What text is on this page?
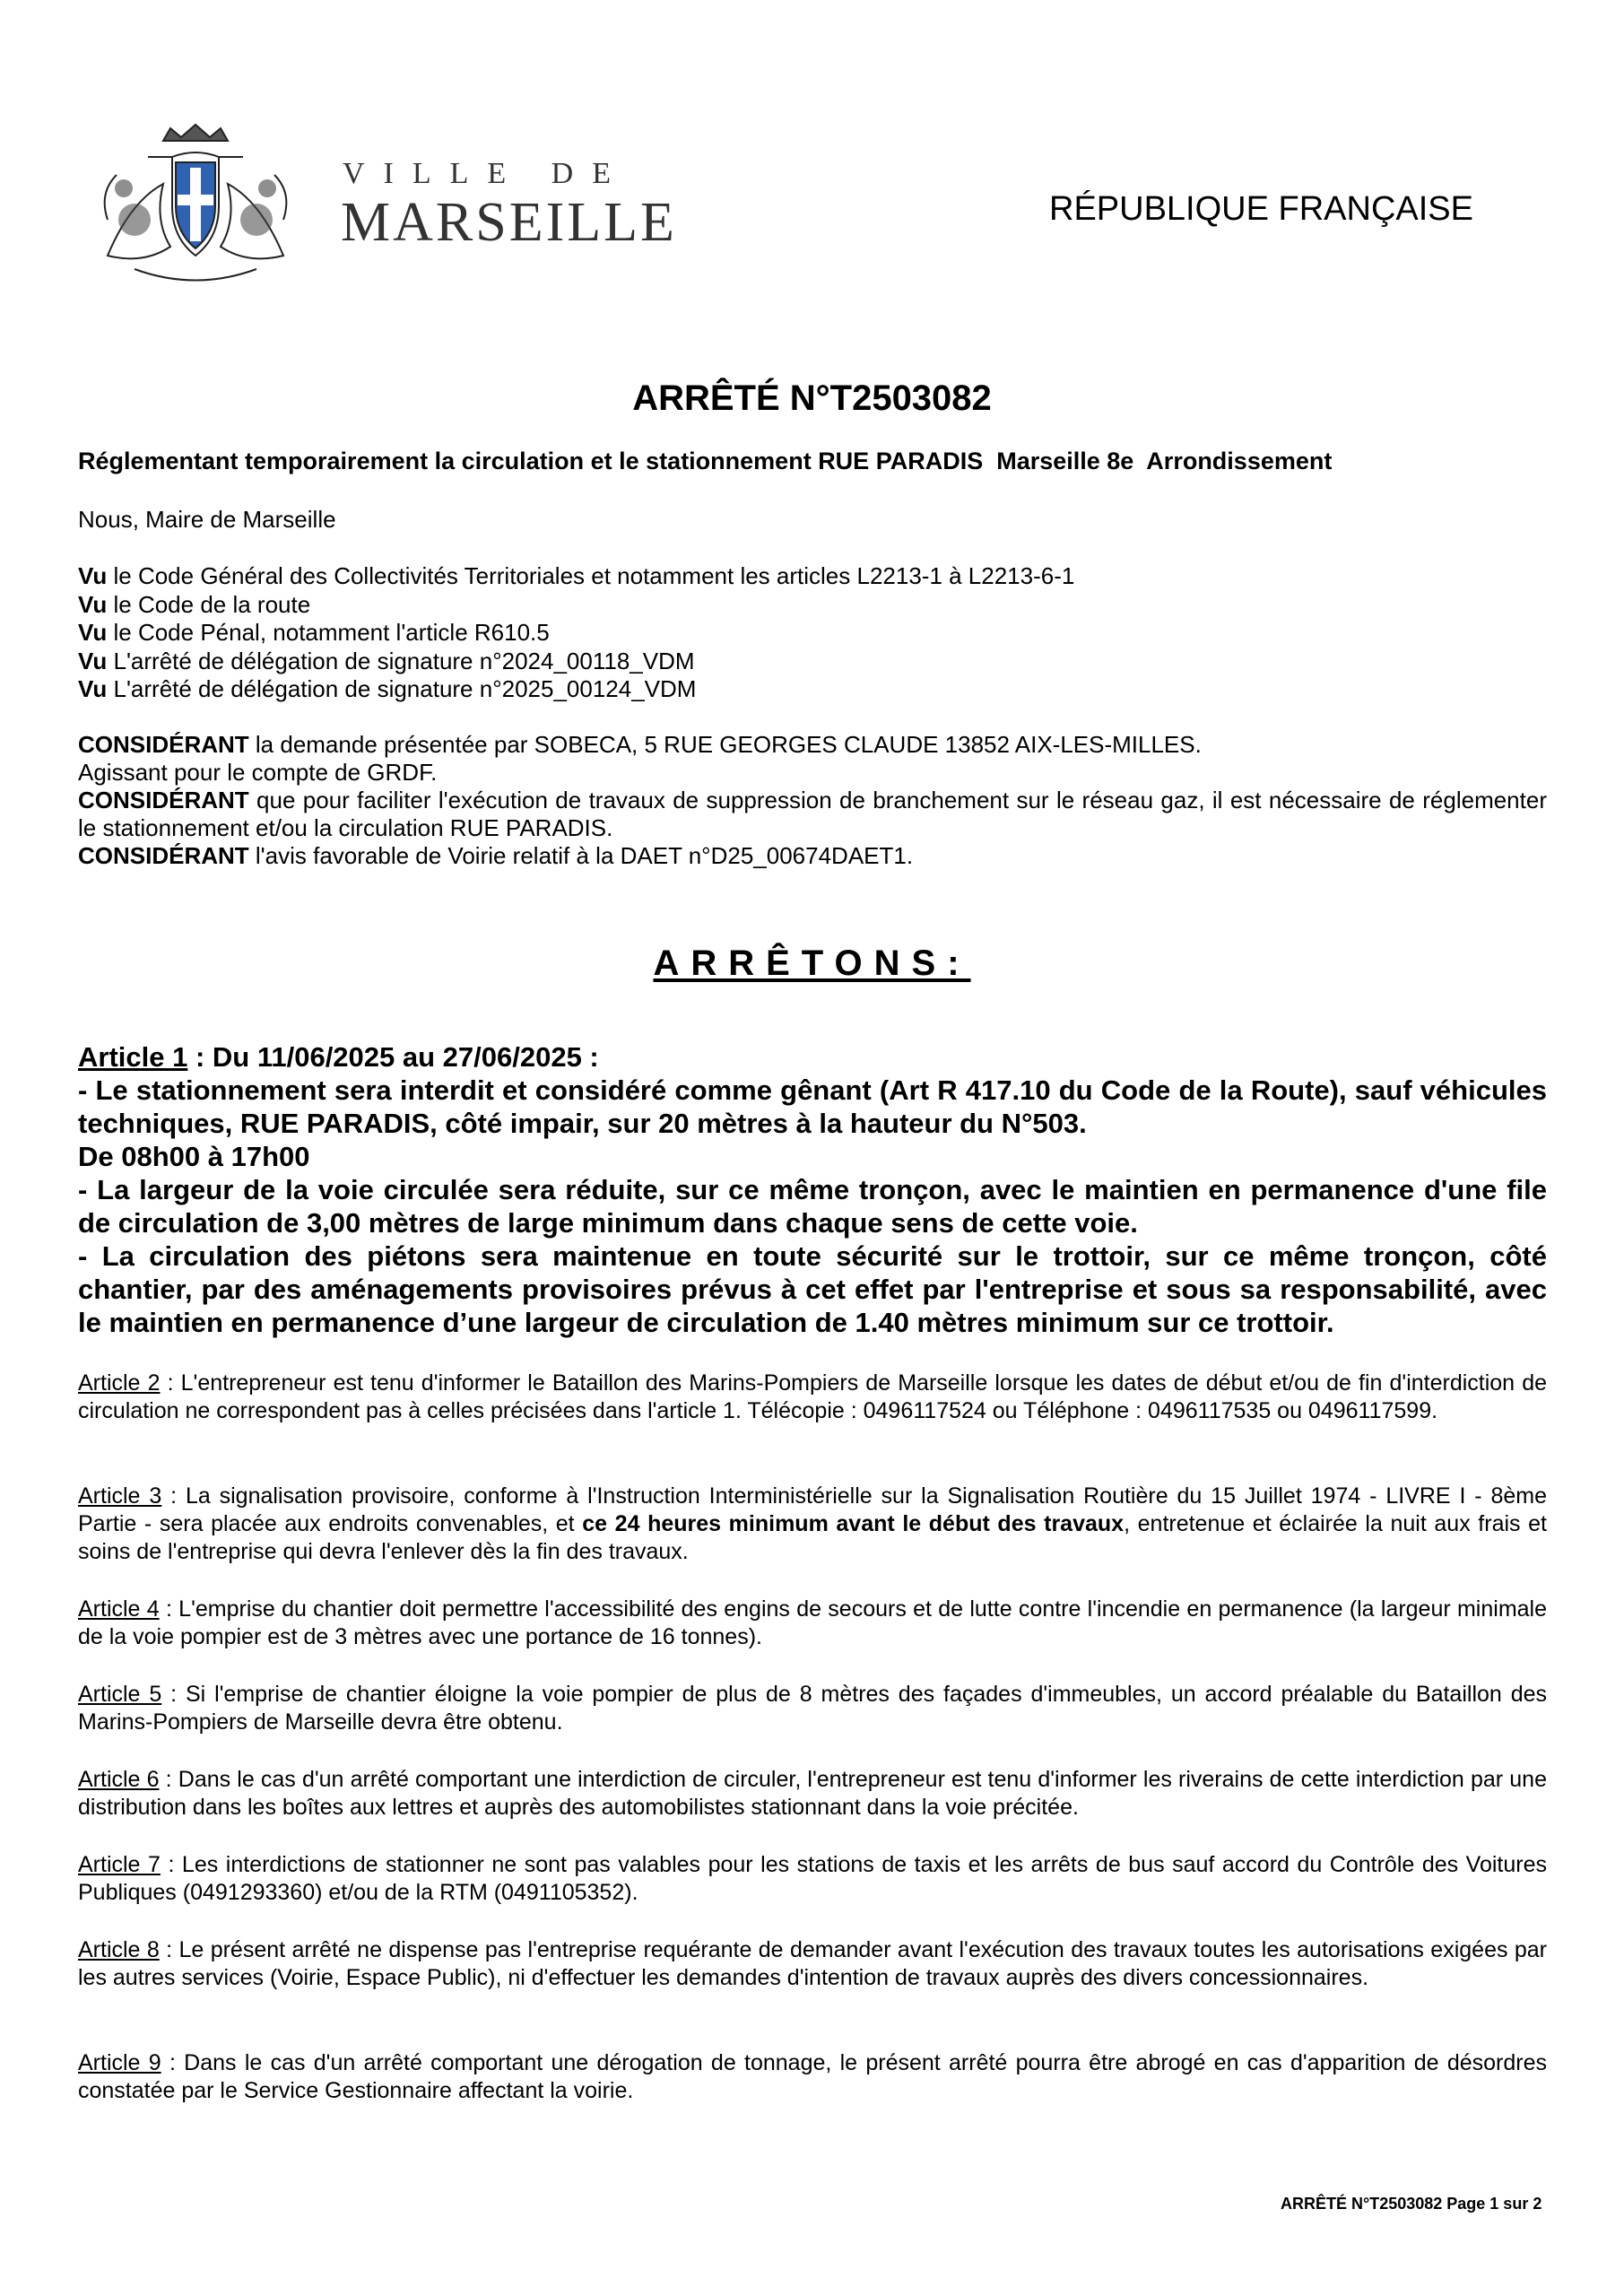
VILLE DE
MARSEILLE	RÉPUBLIQUE FRANÇAISE
ARRÊTÉ N°T2503082
Réglementant temporairement la circulation et le stationnement RUE PARADIS  Marseille 8e  Arrondissement
Nous, Maire de Marseille
Vu le Code Général des Collectivités Territoriales et notamment les articles L2213-1 à L2213-6-1
Vu le Code de la route
Vu le Code Pénal, notamment l'article R610.5
Vu L'arrêté de délégation de signature n°2024_00118_VDM
Vu L'arrêté de délégation de signature n°2025_00124_VDM

CONSIDÉRANT la demande présentée par SOBECA, 5 RUE GEORGES CLAUDE 13852 AIX-LES-MILLES.

Agissant pour le compte de GRDF.

CONSIDÉRANT que pour faciliter l'exécution de travaux de suppression de branchement sur le réseau gaz, il est nécessaire de réglementer le stationnement et/ou la circulation RUE PARADIS.

CONSIDÉRANT l'avis favorable de Voirie relatif à la DAET n°D25_00674DAET1.

ARRÊTONS:

Article 1 : Du 11/06/2025 au 27/06/2025 :

- Le stationnement sera interdit et considéré comme gênant (Art R 417.10 du Code de la Route), sauf véhicules techniques, RUE PARADIS, côté impair, sur 20 mètres à la hauteur du N°503.

De 08h00 à 17h00

- La largeur de la voie circulée sera réduite, sur ce même tronçon, avec le maintien en permanence d'une file de circulation de 3,00 mètres de large minimum dans chaque sens de cette voie.

- La circulation des piétons sera maintenue en toute sécurité sur le trottoir, sur ce même tronçon, côté chantier, par des aménagements provisoires prévus à cet effet par l'entreprise et sous sa responsabilité, avec le maintien en permanence d’une largeur de circulation de 1.40 mètres minimum sur ce trottoir.

Article 2 : L'entrepreneur est tenu d'informer le Bataillon des Marins-Pompiers de Marseille lorsque les dates de début et/ou de fin d'interdiction de circulation ne correspondent pas à celles précisées dans l'article 1. Télécopie : 0496117524 ou Téléphone : 0496117535 ou 0496117599.
Article 3 : La signalisation provisoire, conforme à l'Instruction Interministérielle sur la Signalisation Routière du 15 Juillet 1974 - LIVRE I - 8ème Partie - sera placée aux endroits convenables, et ce 24 heures minimum avant le début des travaux, entretenue et éclairée la nuit aux frais et soins de l'entreprise qui devra l'enlever dès la fin des travaux.
Article 4 : L'emprise du chantier doit permettre l'accessibilité des engins de secours et de lutte contre l'incendie en permanence (la largeur minimale de la voie pompier est de 3 mètres avec une portance de 16 tonnes).
Article 5 : Si l'emprise de chantier éloigne la voie pompier de plus de 8 mètres des façades d'immeubles, un accord préalable du Bataillon des Marins-Pompiers de Marseille devra être obtenu.
Article 6 : Dans le cas d'un arrêté comportant une interdiction de circuler, l'entrepreneur est tenu d'informer les riverains de cette interdiction par une distribution dans les boîtes aux lettres et auprès des automobilistes stationnant dans la voie précitée.
Article 7 : Les interdictions de stationner ne sont pas valables pour les stations de taxis et les arrêts de bus sauf accord du Contrôle des Voitures Publiques (0491293360) et/ou de la RTM (0491105352).
Article 8 : Le présent arrêté ne dispense pas l'entreprise requérante de demander avant l'exécution des travaux toutes les autorisations exigées par les autres services (Voirie, Espace Public), ni d'effectuer les demandes d'intention de travaux auprès des divers concessionnaires.
Article 9 : Dans le cas d'un arrêté comportant une dérogation de tonnage, le présent arrêté pourra être abrogé en cas d'apparition de désordres constatée par le Service Gestionnaire affectant la voirie.
ARRÊTÉ N°T2503082 Page 1 sur 2
